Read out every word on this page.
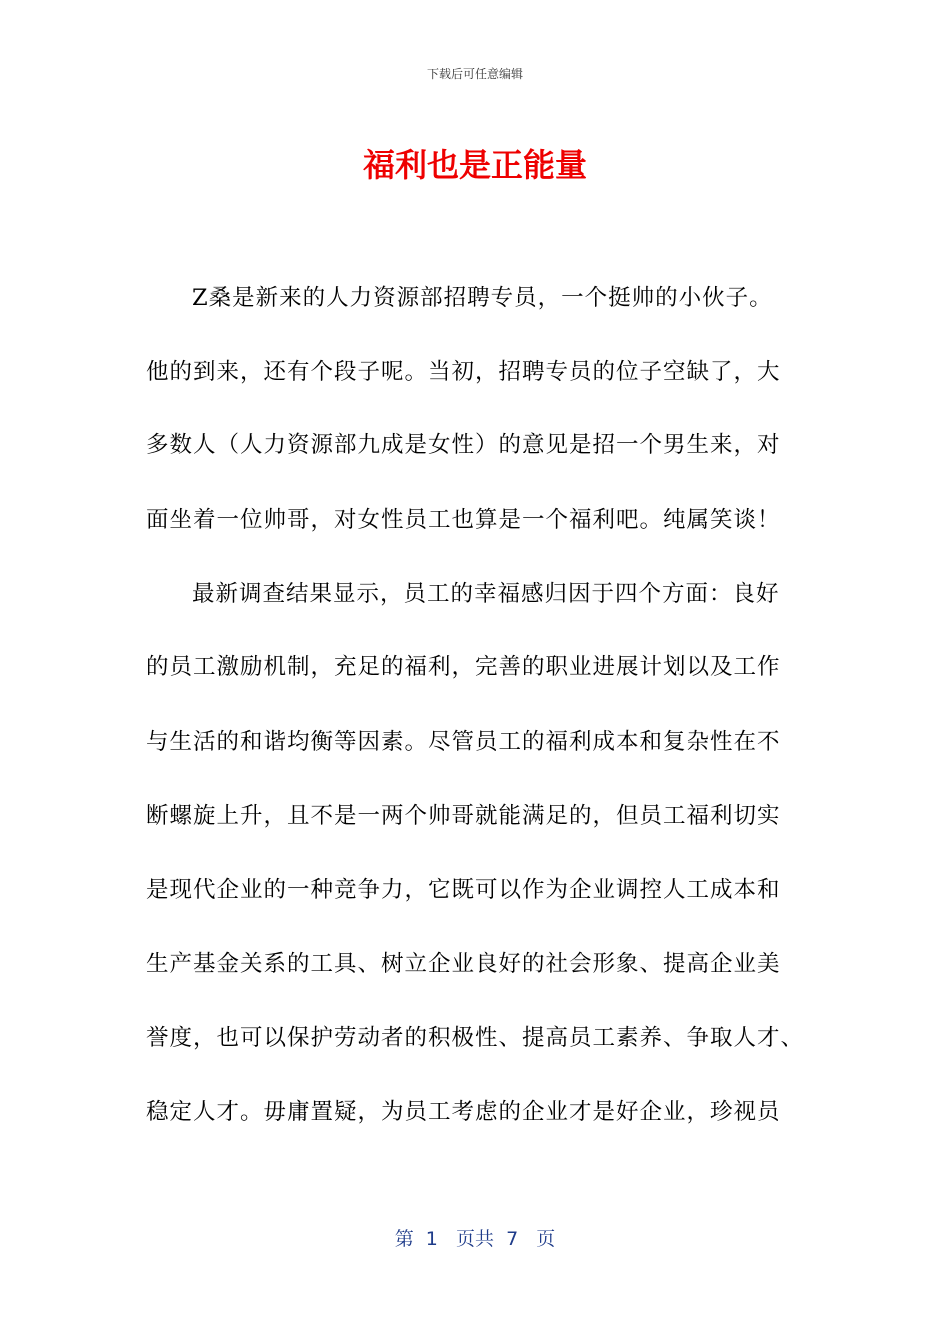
下载后可任意编辑
福利也是正能量

Z桑是新来的人力资源部招聘专员，一个挺帅的小伙子。

他的到来，还有个段子呢。当初，招聘专员的位子空缺了，大

多数人（人力资源部九成是女性）的意见是招一个男生来，对

面坐着一位帅哥，对女性员工也算是一个福利吧。纯属笑谈！

最新调查结果显示，员工的幸福感归因于四个方面：良好

的员工激励机制，充足的福利，完善的职业进展计划以及工作

与生活的和谐均衡等因素。尽管员工的福利成本和复杂性在不

断螺旋上升，且不是一两个帅哥就能满足的，但员工福利切实

是现代企业的一种竞争力，它既可以作为企业调控人工成本和

生产基金关系的工具、树立企业良好的社会形象、提高企业美

誉度，也可以保护劳动者的积极性、提高员工素养、争取人才、

稳定人才。毋庸置疑，为员工考虑的企业才是好企业，珍视员

第  1   页共  7   页
